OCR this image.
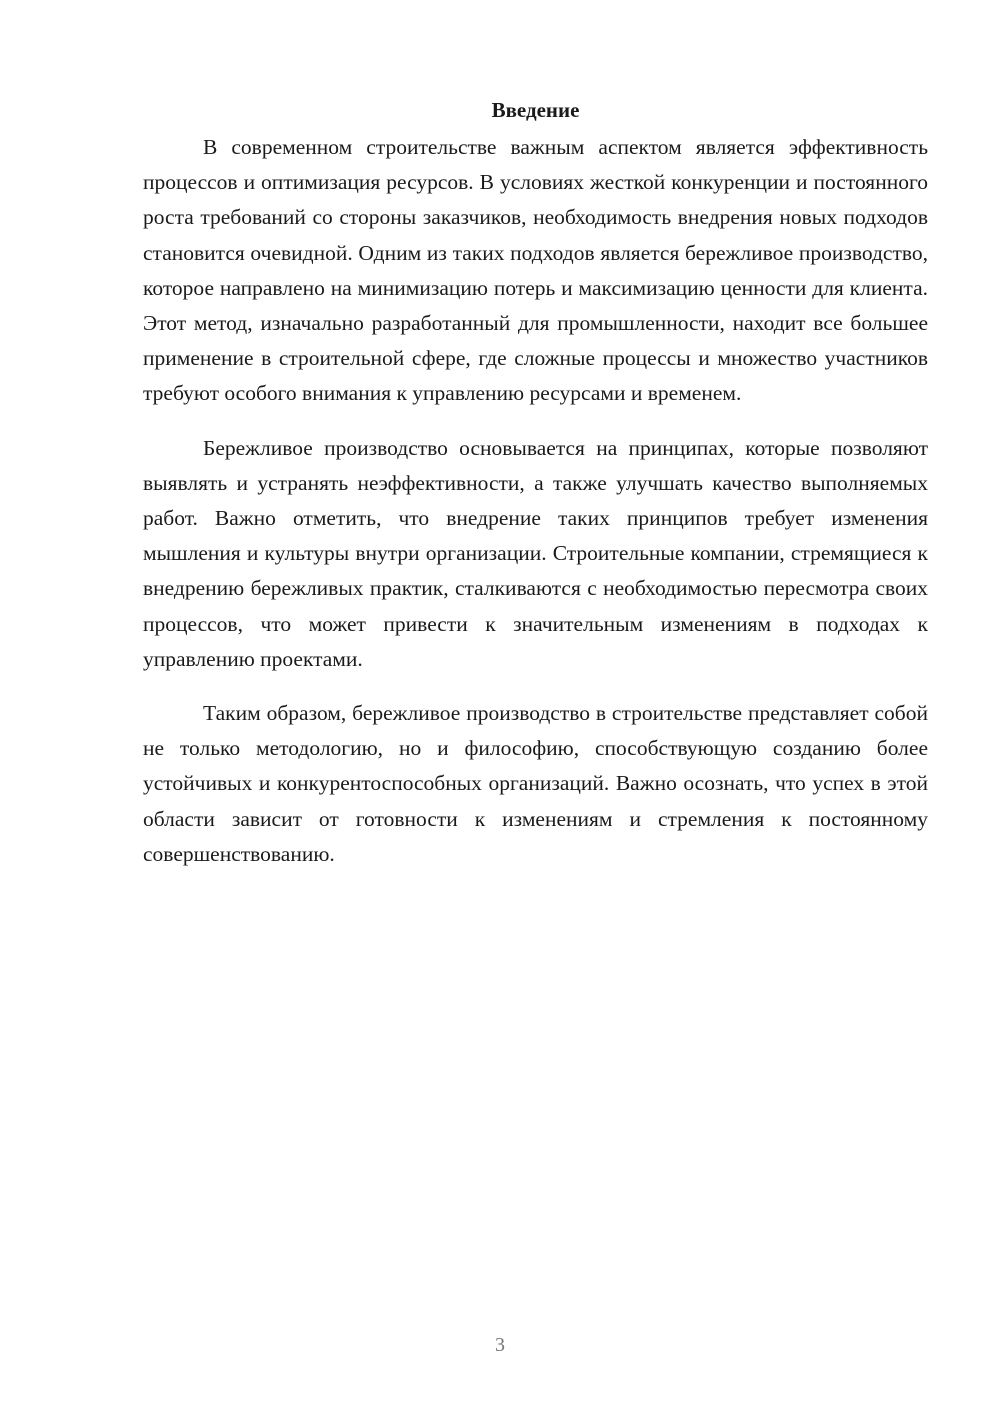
Введение

В современном строительстве важным аспектом является эффективность процессов и оптимизация ресурсов. В условиях жесткой конкуренции и постоянного роста требований со стороны заказчиков, необходимость внедрения новых подходов становится очевидной. Одним из таких подходов является бережливое производство, которое направлено на минимизацию потерь и максимизацию ценности для клиента. Этот метод, изначально разработанный для промышленности, находит все большее применение в строительной сфере, где сложные процессы и множество участников требуют особого внимания к управлению ресурсами и временем.

Бережливое производство основывается на принципах, которые позволяют выявлять и устранять неэффективности, а также улучшать качество выполняемых работ. Важно отметить, что внедрение таких принципов требует изменения мышления и культуры внутри организации. Строительные компании, стремящиеся к внедрению бережливых практик, сталкиваются с необходимостью пересмотра своих процессов, что может привести к значительным изменениям в подходах к управлению проектами.

Таким образом, бережливое производство в строительстве представляет собой не только методологию, но и философию, способствующую созданию более устойчивых и конкурентоспособных организаций. Важно осознать, что успех в этой области зависит от готовности к изменениям и стремления к постоянному совершенствованию.

3
